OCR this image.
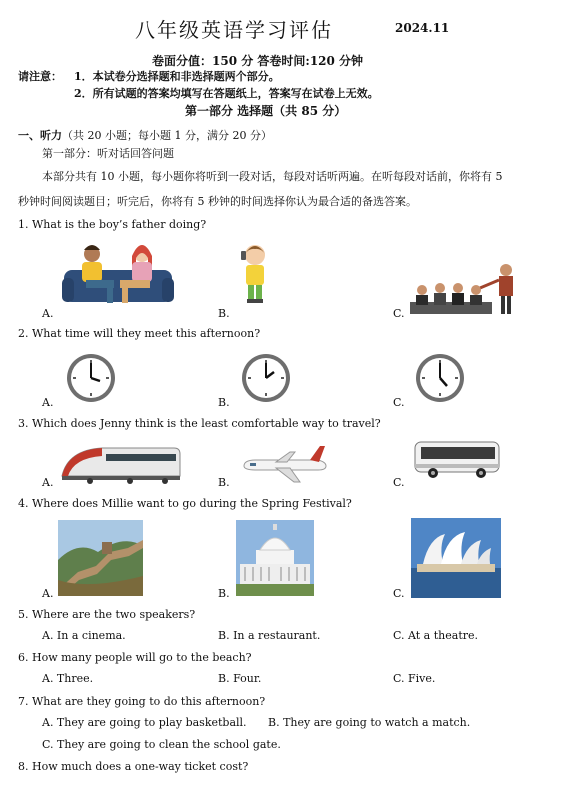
八年级英语学习评估	2024.11
卷面分值：150 分 答卷时间:120 分钟
请注意： 1．本试卷分选择题和非选择题两个部分。
2．所有试题的答案均填写在答题纸上，答案写在试卷上无效。
第一部分 选择题（共 85 分）
一、听力（共 20 小题；每小题 1 分，满分 20 分）
第一部分：听对话回答问题
本部分共有 10 小题，每小题你将听到一段对话，每段对话听两遍。在听每段对话前，你将有 5
秒钟时间阅读题目；听完后，你将有 5 秒钟的时间选择你认为最合适的备选答案。
1. What is the boy’s father doing?
A.	B.	C.
2. What time will they meet this afternoon?
A.	B.	C.
3. Which does Jenny think is the least comfortable way to travel?
A.	B.	C.
4. Where does Millie want to go during the Spring Festival?
A.	B.	C.
5. Where are the two speakers?
A. In a cinema.	B. In a restaurant.	C. At a theatre.
6. How many people will go to the beach?
A. Three.	B. Four.	C. Five.
7. What are they going to do this afternoon?
A. They are going to play basketball. B. They are going to watch a match.
C. They are going to clean the school gate.
8. How much does a one-way ticket cost?
